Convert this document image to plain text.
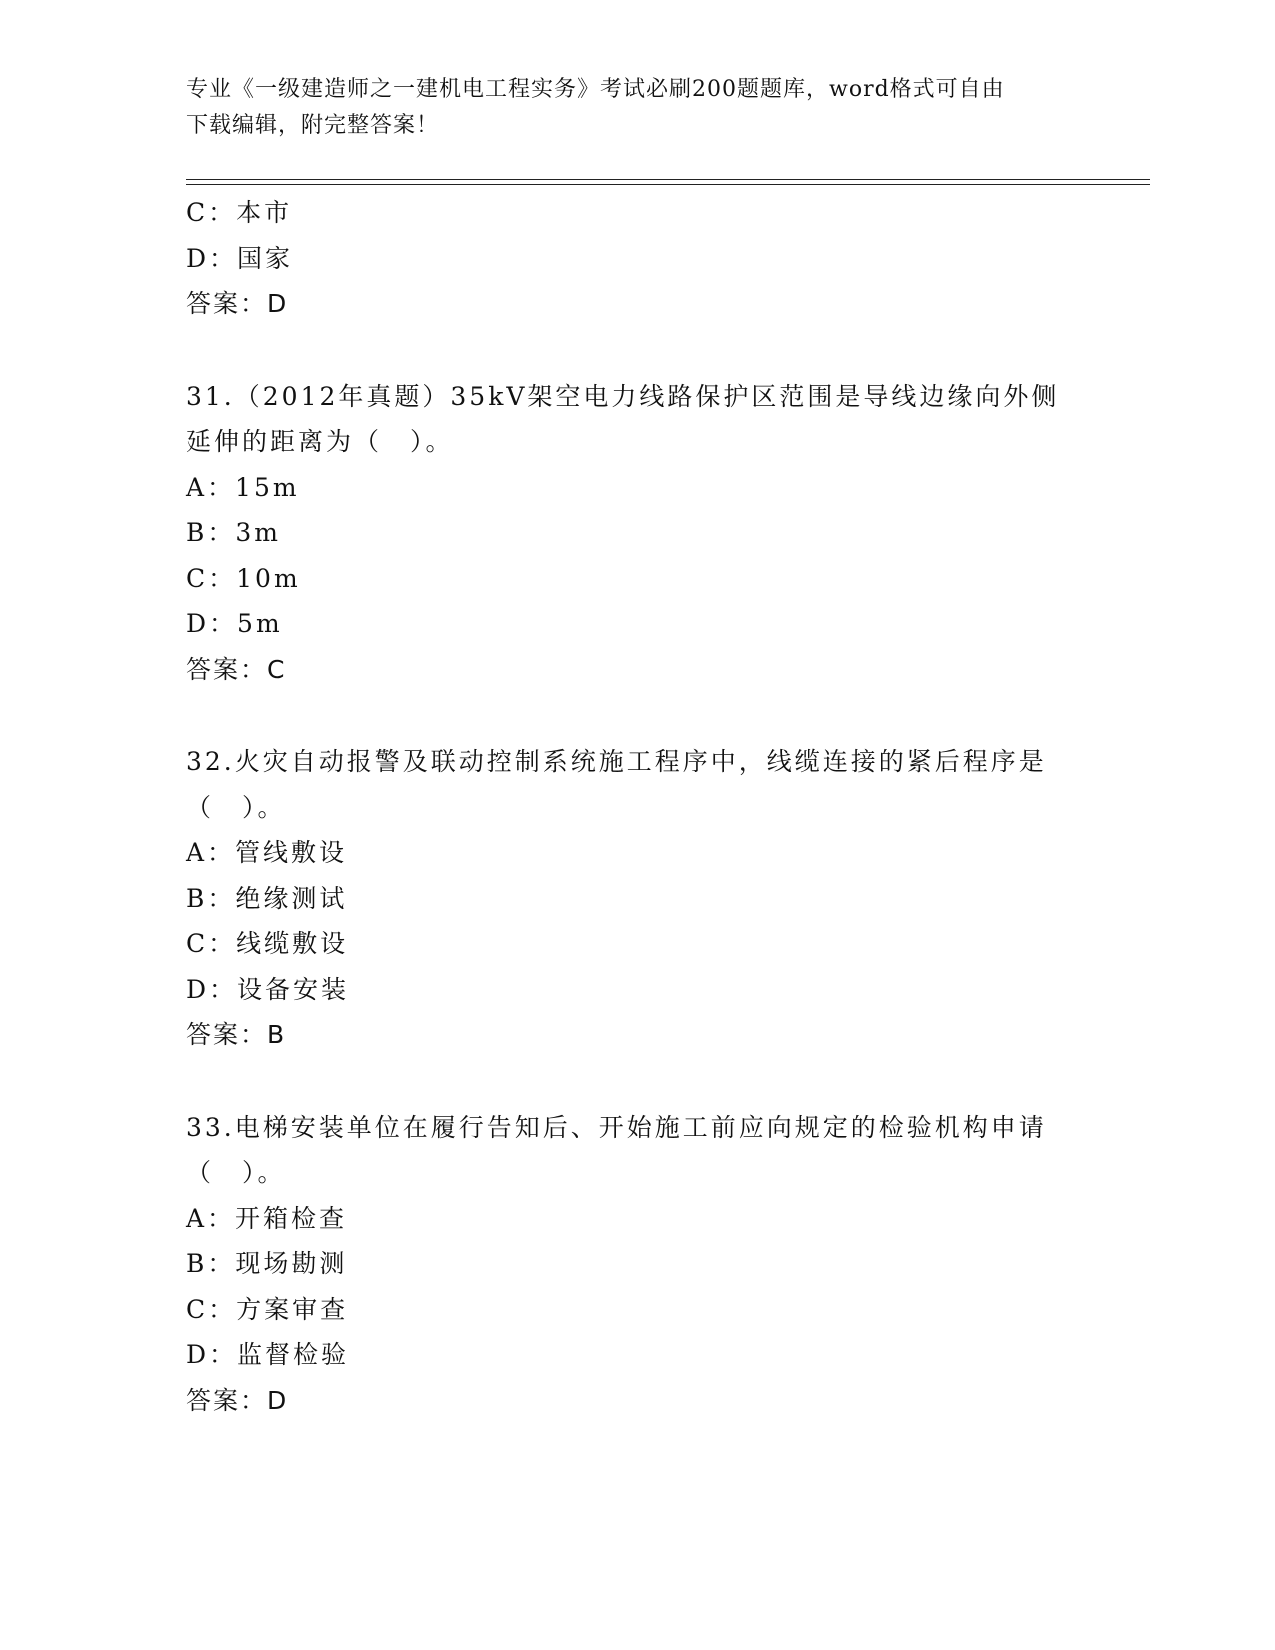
专业《一级建造师之一建机电工程实务》考试必刷200题题库，word格式可自由
下载编辑，附完整答案！
C：本市
D：国家
答案：D
31.（2012年真题）35kV架空电力线路保护区范围是导线边缘向外侧
延伸的距离为（　）。
A：15m
B：3m
C：10m
D：5m
答案：C
32.火灾自动报警及联动控制系统施工程序中，线缆连接的紧后程序是
（　）。
A：管线敷设
B：绝缘测试
C：线缆敷设
D：设备安装
答案：B
33.电梯安装单位在履行告知后、开始施工前应向规定的检验机构申请
（　）。
A：开箱检查
B：现场勘测
C：方案审查
D：监督检验
答案：D
